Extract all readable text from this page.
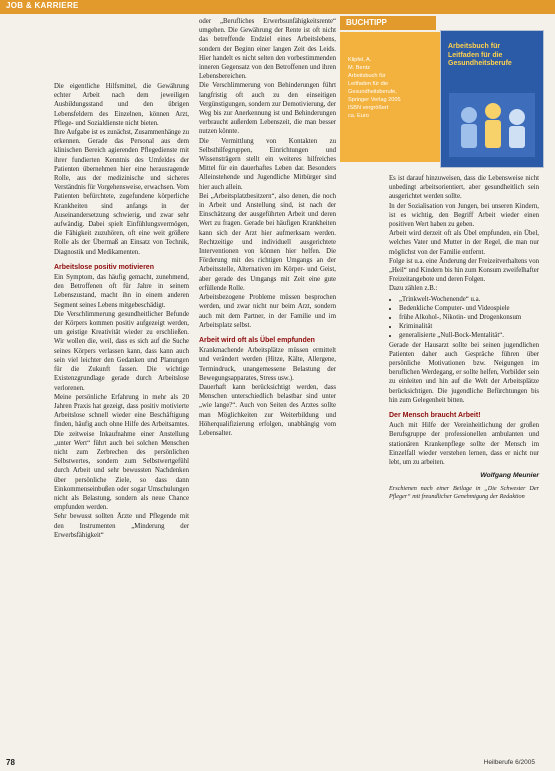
JOB & KARRIERE
BUCHTIPP
Klipfel, A.
M. Bentz
Arbeitsbuch für
Leitfaden für die
Gesundheitsberufe,
Springer Verlag 2005
ISBN vergrößert
ca. Euro
Arbeitsbuch für
Leitfaden für die
Gesundheitsberufe

Die eigentliche Hilfsmittel, die Gewährung echter Arbeit nach dem jeweiligen Ausbildungsstand und den übrigen Lebensfeldern des Einzelnen, können Arzt, Pflege- und Sozialdienste nicht bieten.

Ihre Aufgabe ist es zunächst, Zusammenhänge zu erkennen. Gerade das Personal aus dem klinischen Bereich agierenden Pflegedienste mit ihrer fundierten Kenntnis des Umfeldes der Patienten übernehmen hier eine herausragende Rolle, aus der medizinische und sicheres Verständnis für Vorgehensweise, erwachsen. Vom Patienten befürchtete, zugefundene körperliche Krankheiten sind anfangs in der Auseinandersetzung schwierig, und zwar sehr aufwändig. Dabei spielt Einfühlungsvermögen, die Fähigkeit zuzuhören, oft eine weit größere Rolle als der Übermaß an Einsatz von Technik, Diagnostik und Medikamenten.

Arbeitslose positiv motivieren

Ein Symptom, das häufig gemacht, zunehmend, den Betroffenen oft für Jahre in seinem Lebenszustand, macht ihn in einem anderen Segment seines Lebens mitgebeschädigt.

Die Verschlimmerung gesundheitlicher Befunde der Körpers kommen positiv aufgezeigt werden, um geistige Kreativität wieder zu erschließen. Wir wollen die, weil, dass es sich auf die Suche seines Körpers verlassen kann, dass kann auch sein viel leichter den Gedanken und Planungen für die Zukunft fassen. Die wichtige Existenzgrundlage gerade durch Arbeitslose verlorenen.

Meine persönliche Erfahrung in mehr als 20 Jahren Praxis hat gezeigt, dass positiv motivierte Arbeitslose schnell wieder eine Beschäftigung finden, häufig auch ohne Hilfe des Arbeitsamtes. Die zeitweise Inkaufnahme einer Anstellung „unter Wert“ führt auch bei solchen Menschen nicht zum Zerbrechen des persönlichen Selbstwertes, sondern zum Selbstwertgefühl durch Arbeit und sehr bewussten Nachdenken über persönliche Ziele, so dass dann Einkommenseinbußen oder sogar Umschulungen nicht als Belastung, sondern als neue Chance empfunden werden.

Sehr bewusst sollten Ärzte und Pflegende mit den Instrumenten „Minderung der Erwerbsfähigkeit“

oder „Berufliches Erwerbsunfähigkeitsrente“ umgehen. Die Gewährung der Rente ist oft nicht das betreffende Endziel eines Arbeitslebens, sondern der Beginn einer langen Zeit des Leids. Hier handelt es nicht selten den vorbestimmenden inneren Gegensatz von den Betroffenen und ihren Lebensbereichen.

Die Verschlimmerung von Behinderungen führt langfristig oft auch zu den einseitigen Vergünstigungen, sondern zur Demotivierung, der Weg bis zur Anerkennung ist und Behinderungen verbraucht außerdem Lebenszeit, die man besser nutzen könnte.

Die Vermittlung von Kontakten zu Selbsthilfegruppen, Einrichtungen und Wissensträgern stellt ein weiteres hilfreiches Mittel für ein dauerhaftes Leben dar. Besonders Alleinstehende und Jugendliche Mitbürger sind hier auch allein.

Bei „Arbeitsplatzbesitzern“, also denen, die noch in Arbeit und Anstellung sind, ist nach der Einschätzung der ausgeführten Arbeit und deren Wert zu fragen. Gerade bei häufigen Krankheiten kann sich der Arzt hier aufmerksam werden. Rechtzeitige und individuell ausgerichtete Interventionen von können hier helfen. Die Förderung mit des richtigen Umgangs an der Arbeitsstelle, Alternativen im Körper- und Geist, aber gerade des Umgangs mit Zeit eine gute erfüllende Rolle.

Arbeitsbezogene Probleme müssen besprochen werden, und zwar nicht nur beim Arzt, sondern auch mit dem Partner, in der Familie und im Arbeitsplatz selbst.

Arbeit wird oft als Übel empfunden

Krankmachende Arbeitsplätze müssen ermittelt und verändert werden (Hitze, Kälte, Allergene, Termindruck, unangemessene Belastung der Bewegungsapparates, Stress usw.).

Dauerhaft kann berücksichtigt werden, dass Menschen unterschiedlich belastbar sind unter „wie lange?“. Auch von Seiten des Arztes sollte man Möglichkeiten zur Weiterbildung und Höherqualifizierung erfolgen, unabhängig vom Lebensalter.

Es ist darauf hinzuweisen, dass die Lebensweise nicht unbedingt arbeitsorientiert, aber gesundheitlich sein ausgerichtet werden sollte.

In der Sozialisation von Jungen, bei unseren Kindern, ist es wichtig, den Begriff Arbeit wieder einen positiven Wert haben zu geben.

Arbeit wird derzeit oft als Übel empfunden, ein Übel, welches Vater und Mutter in der Regel, die man nur möglichst von der Familie entfernt.

Folge ist u.a. eine Änderung der Freizeitverhaltens von „Heil“ und Kindern bis hin zum Konsum zweifelhafter Freizeitangebote und deren Folgen.

Dazu zählen z.B.:

• „Trinkwelt-Wochenende“ u.a.
• Bedenkliche Computer- und Videospiele
• frühe Alkohol-, Nikotin- und Drogenkonsum
• Kriminalität
• generalisierte „Null-Bock-Mentalität“.

Gerade der Hausarzt sollte bei seinen jugendlichen Patienten daher auch Gespräche führen über persönliche Motivationen bzw. Neigungen im beruflichen Werdegang, er sollte helfen, Vorbilder sein zu einleiten und hin auf die Welt der Arbeitsplätze berücksichtigen. Die jugendliche Befürchtungen bis hin zum Gelegenheit bitten.

Der Mensch braucht Arbeit!

Auch mit Hilfe der Vereinheitlichung der großen Berufsgruppe der professionellen ambulanten und stationären Krankenpflege sollte der Mensch im Einzelfall wieder verstehen lernen, dass er nicht nur lebt, um zu arbeiten.

Wolfgang Meunier
Erschienen nach einer Beilage in „Die Schwester Der Pfleger“ mit freundlicher Genehmigung der Redaktion
78	Heilberufe 6/2005
